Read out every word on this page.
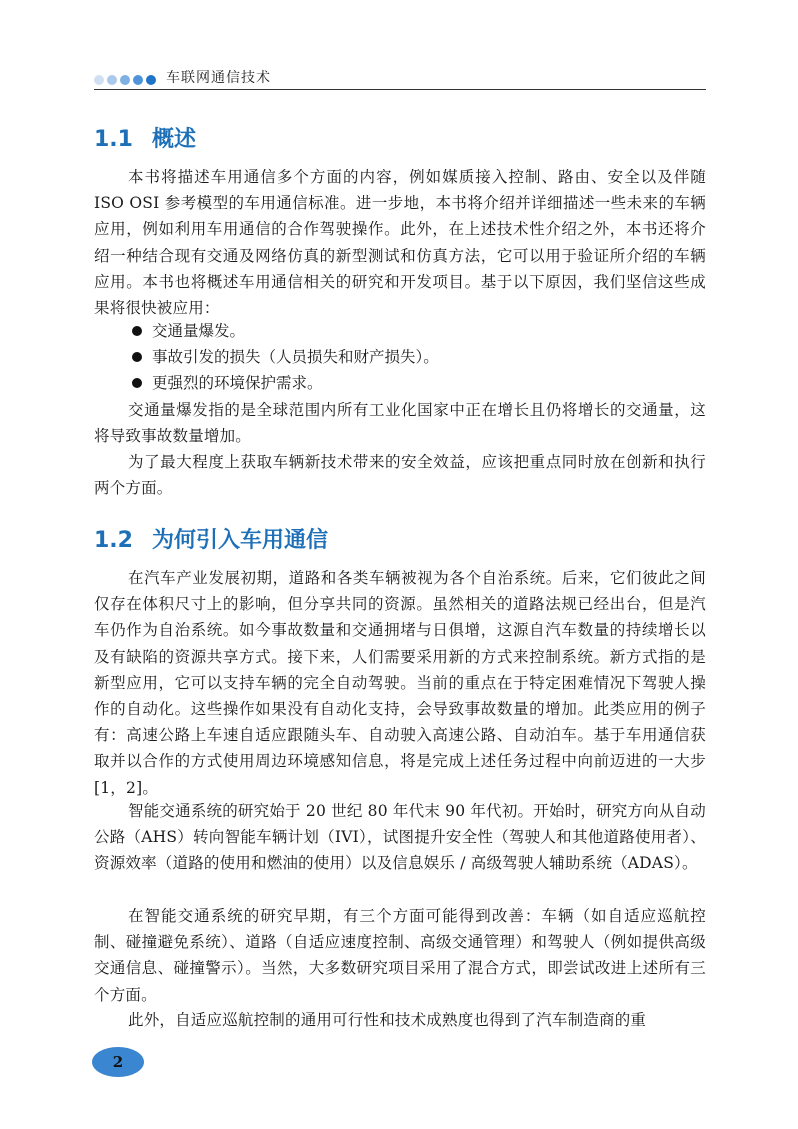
车联网通信技术
1.1 概述

本书将描述车用通信多个方面的内容，例如媒质接入控制、路由、安全以及伴随 ISO OSI 参考模型的车用通信标准。进一步地，本书将介绍并详细描述一些未来的车辆应用，例如利用车用通信的合作驾驶操作。此外，在上述技术性介绍之外，本书还将介绍一种结合现有交通及网络仿真的新型测试和仿真方法，它可以用于验证所介绍的车辆应用。本书也将概述车用通信相关的研究和开发项目。基于以下原因，我们坚信这些成果将很快被应用：

交通量爆发。
事故引发的损失（人员损失和财产损失）。
更强烈的环境保护需求。

交通量爆发指的是全球范围内所有工业化国家中正在增长且仍将增长的交通量，这将导致事故数量增加。

为了最大程度上获取车辆新技术带来的安全效益，应该把重点同时放在创新和执行两个方面。

1.2 为何引入车用通信

在汽车产业发展初期，道路和各类车辆被视为各个自治系统。后来，它们彼此之间仅存在体积尺寸上的影响，但分享共同的资源。虽然相关的道路法规已经出台，但是汽车仍作为自治系统。如今事故数量和交通拥堵与日俱增，这源自汽车数量的持续增长以及有缺陷的资源共享方式。接下来，人们需要采用新的方式来控制系统。新方式指的是新型应用，它可以支持车辆的完全自动驾驶。当前的重点在于特定困难情况下驾驶人操作的自动化。这些操作如果没有自动化支持，会导致事故数量的增加。此类应用的例子有：高速公路上车速自适应跟随头车、自动驶入高速公路、自动泊车。基于车用通信获取并以合作的方式使用周边环境感知信息，将是完成上述任务过程中向前迈进的一大步 [1，2]。

智能交通系统的研究始于 20 世纪 80 年代末 90 年代初。开始时，研究方向从自动公路（AHS）转向智能车辆计划（IVI），试图提升安全性（驾驶人和其他道路使用者）、资源效率（道路的使用和燃油的使用）以及信息娱乐 / 高级驾驶人辅助系统（ADAS）。

在智能交通系统的研究早期，有三个方面可能得到改善：车辆（如自适应巡航控制、碰撞避免系统）、道路（自适应速度控制、高级交通管理）和驾驶人（例如提供高级交通信息、碰撞警示）。当然，大多数研究项目采用了混合方式，即尝试改进上述所有三个方面。

此外，自适应巡航控制的通用可行性和技术成熟度也得到了汽车制造商的重

2
